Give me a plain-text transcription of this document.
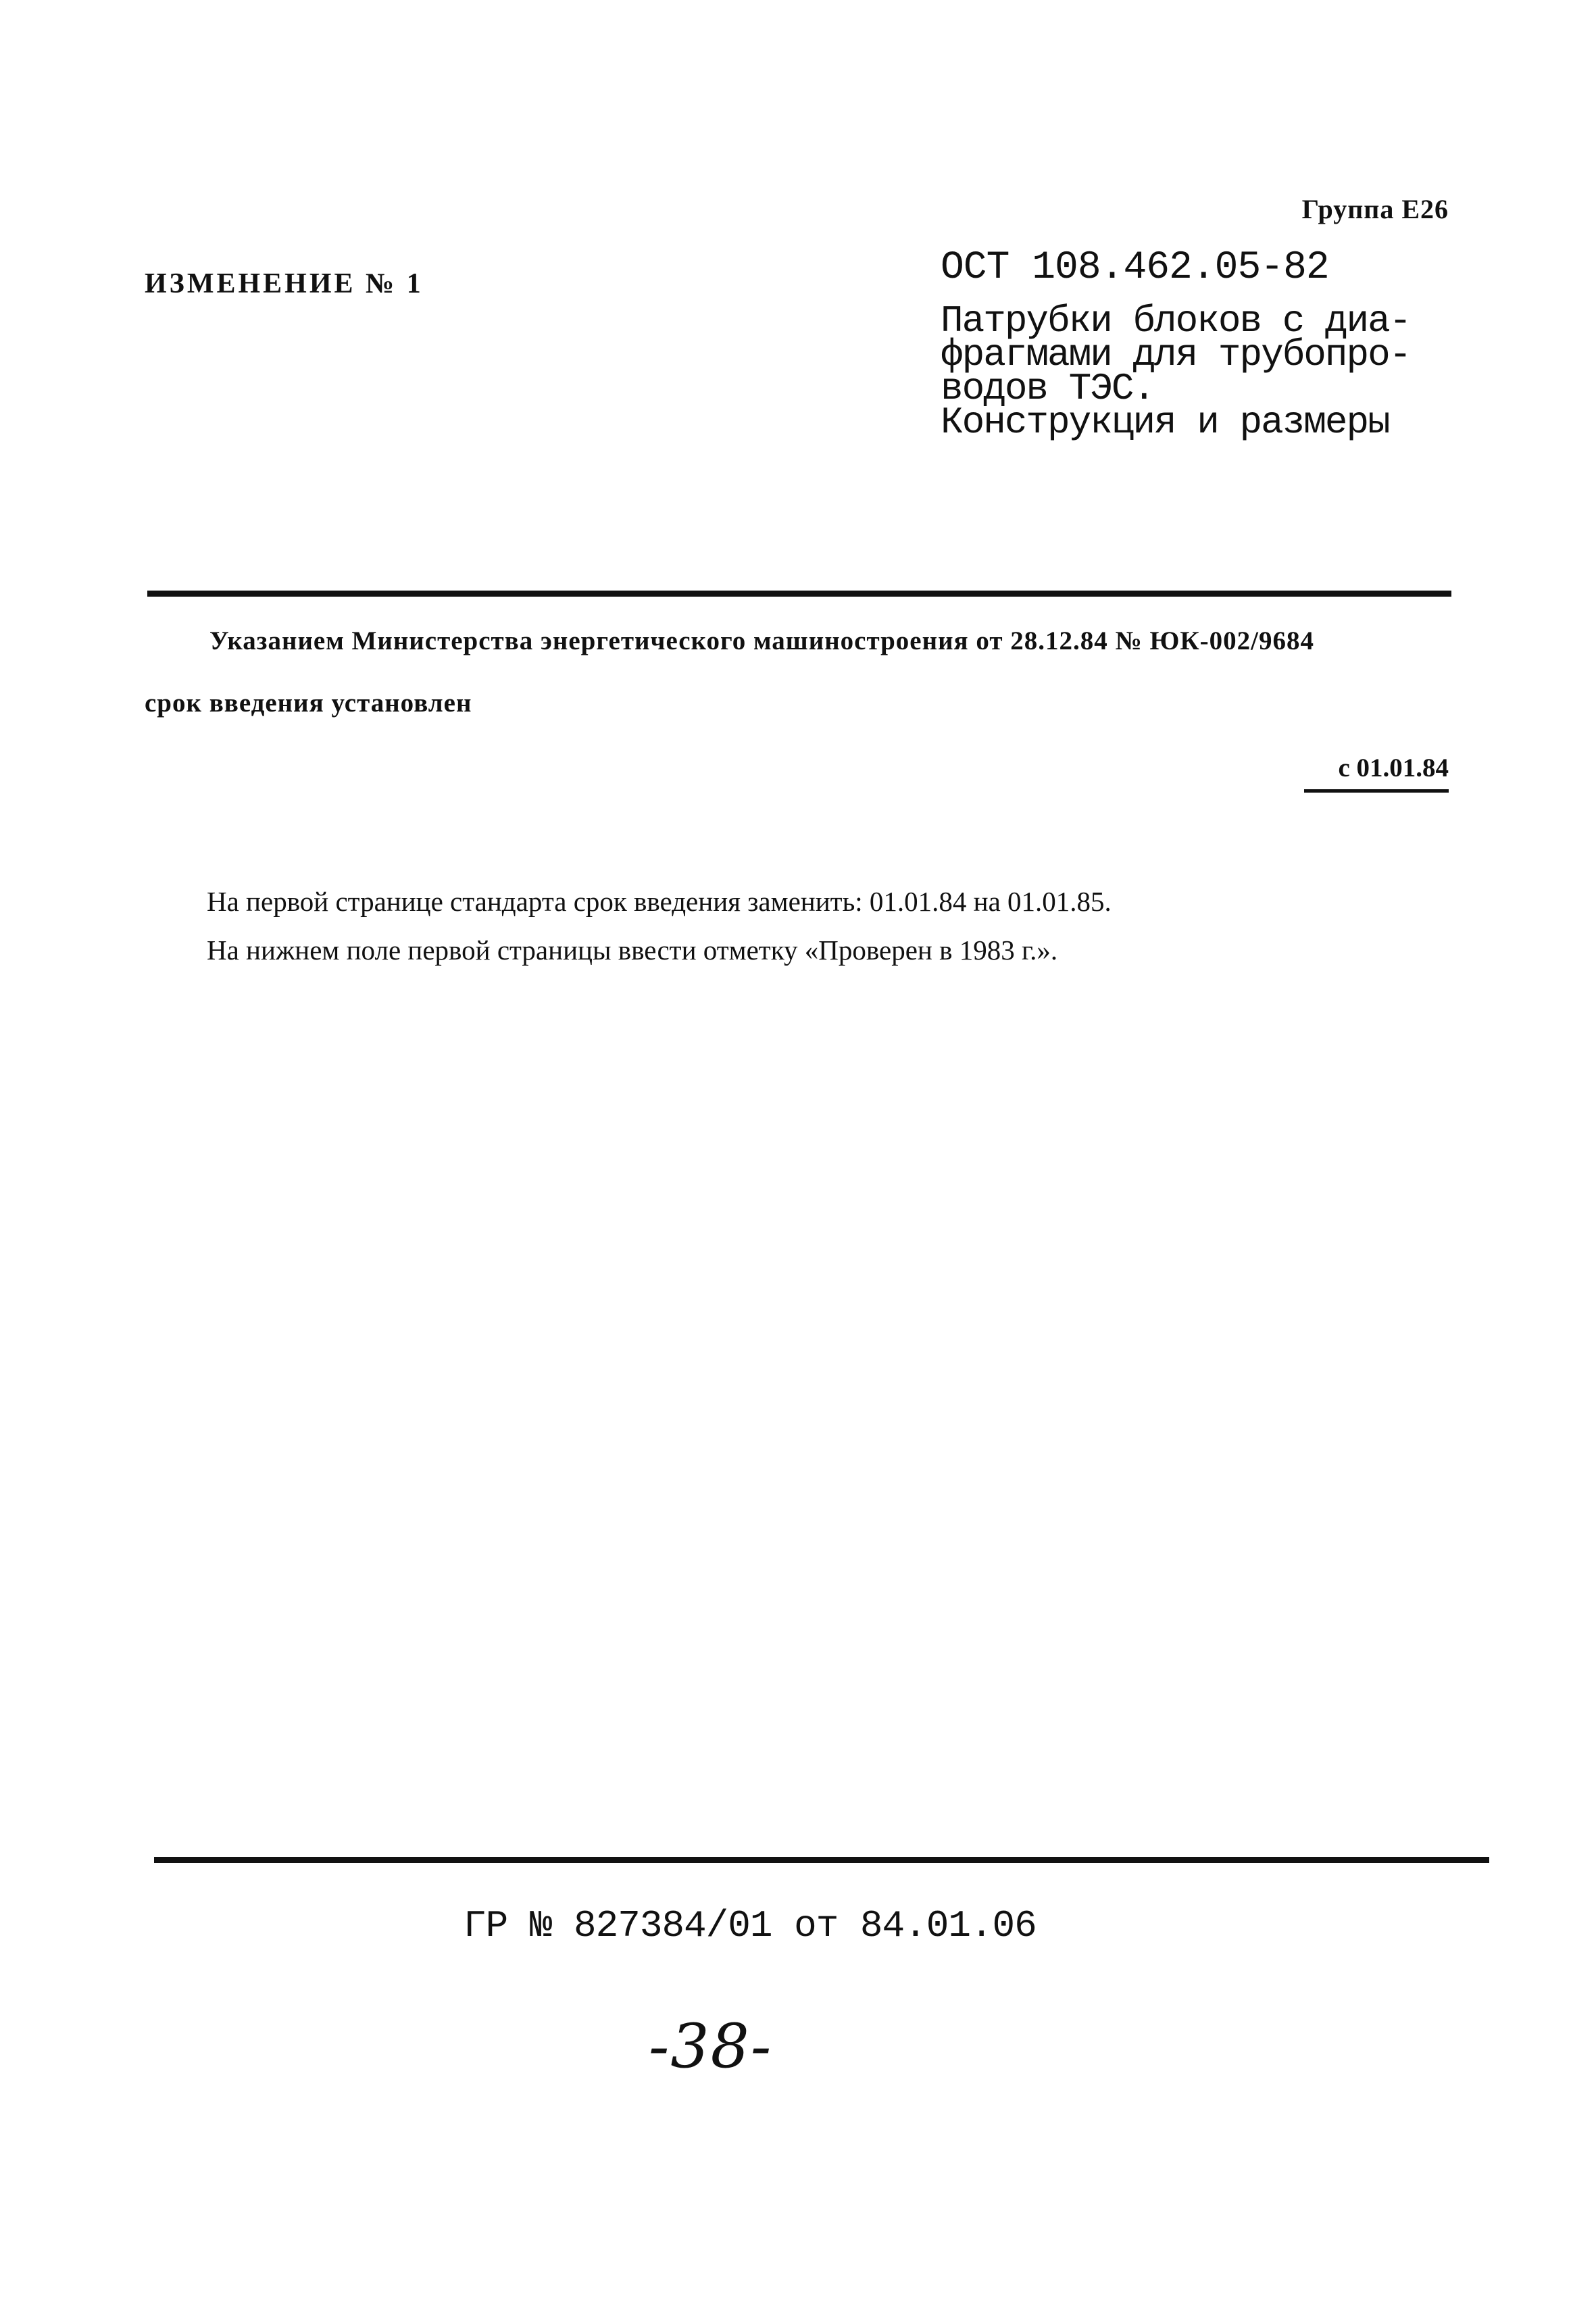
Группа Е26
ИЗМЕНЕНИЕ № 1	ОСТ 108.462.05-82
Патрубки блоков с диа-
фрагмами для трубопро-
водов ТЭС.
Конструкция и размеры
Указанием Министерства энергетического машиностроения от 28.12.84 № ЮК-002/9684
срок введения установлен
с 01.01.84
На первой странице стандарта срок введения заменить: 01.01.84 на 01.01.85.
На нижнем поле первой страницы ввести отметку «Проверен в 1983 г.».
ГР № 827384/01 от 84.01.06
-38-
